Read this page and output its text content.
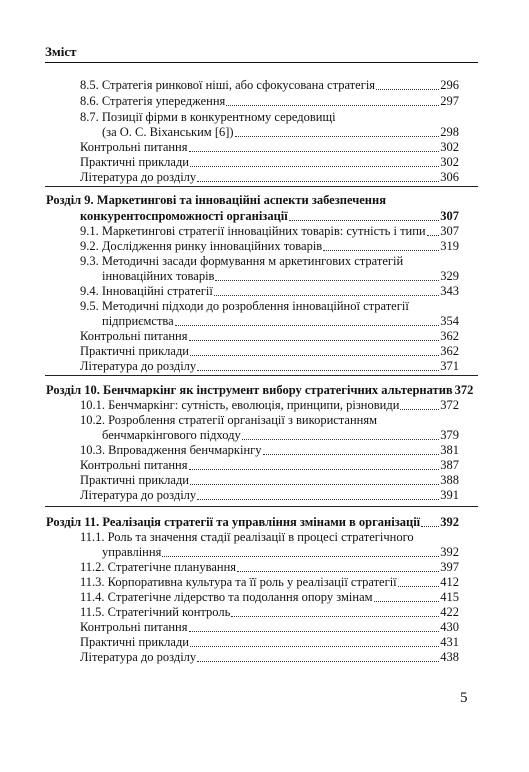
Зміст
8.5. Стратегія ринкової ніші, або сфокусована стратегія	296
8.6. Стратегія упередження	297
8.7. Позиції фірми в конкурентному середовищі
(за О. С. Віханським [6])	298
Контрольні питання	302
Практичні приклади	302
Література до розділу	306
Розділ 9. Маркетингові та інноваційні аспекти забезпечення
конкурентоспроможності організації	307
9.1. Маркетингові стратегії інноваційних товарів: сутність і типи 307
9.2. Дослідження ринку інноваційних товарів	319
9.3. Методичні засади формування м аркетингових стратегій
інноваційних товарів	329
9.4. Інноваційні стратегії	343
9.5. Методичні підходи до розроблення інноваційної стратегії
підприємства	354
Контрольні питання	362
Практичні приклади	362
Література до розділу	371
Розділ 10. Бенчмаркінг як інструмент вибору стратегічних альтернатив 372
10.1. Бенчмаркінг: сутність, еволюція, принципи, різновиди	372
10.2. Розроблення стратегії організації з використанням
бенчмаркінгового підходу	379
10.3. Впровадження бенчмаркінгу	381
Контрольні питання	387
Практичні приклади	388
Література до розділу	391
Розділ 11. Реалізація стратегії та управління змінами в організації 392
11.1. Роль та значення стадії реалізації в процесі стратегічного
управління	392
11.2. Стратегічне планування	397
11.3. Корпоративна культура та її роль у реалізації стратегії	412
11.4. Стратегічне лідерство та подолання опору змінам	415
11.5. Стратегічний контроль	422
Контрольні питання	430
Практичні приклади	431
Література до розділу	438
5
